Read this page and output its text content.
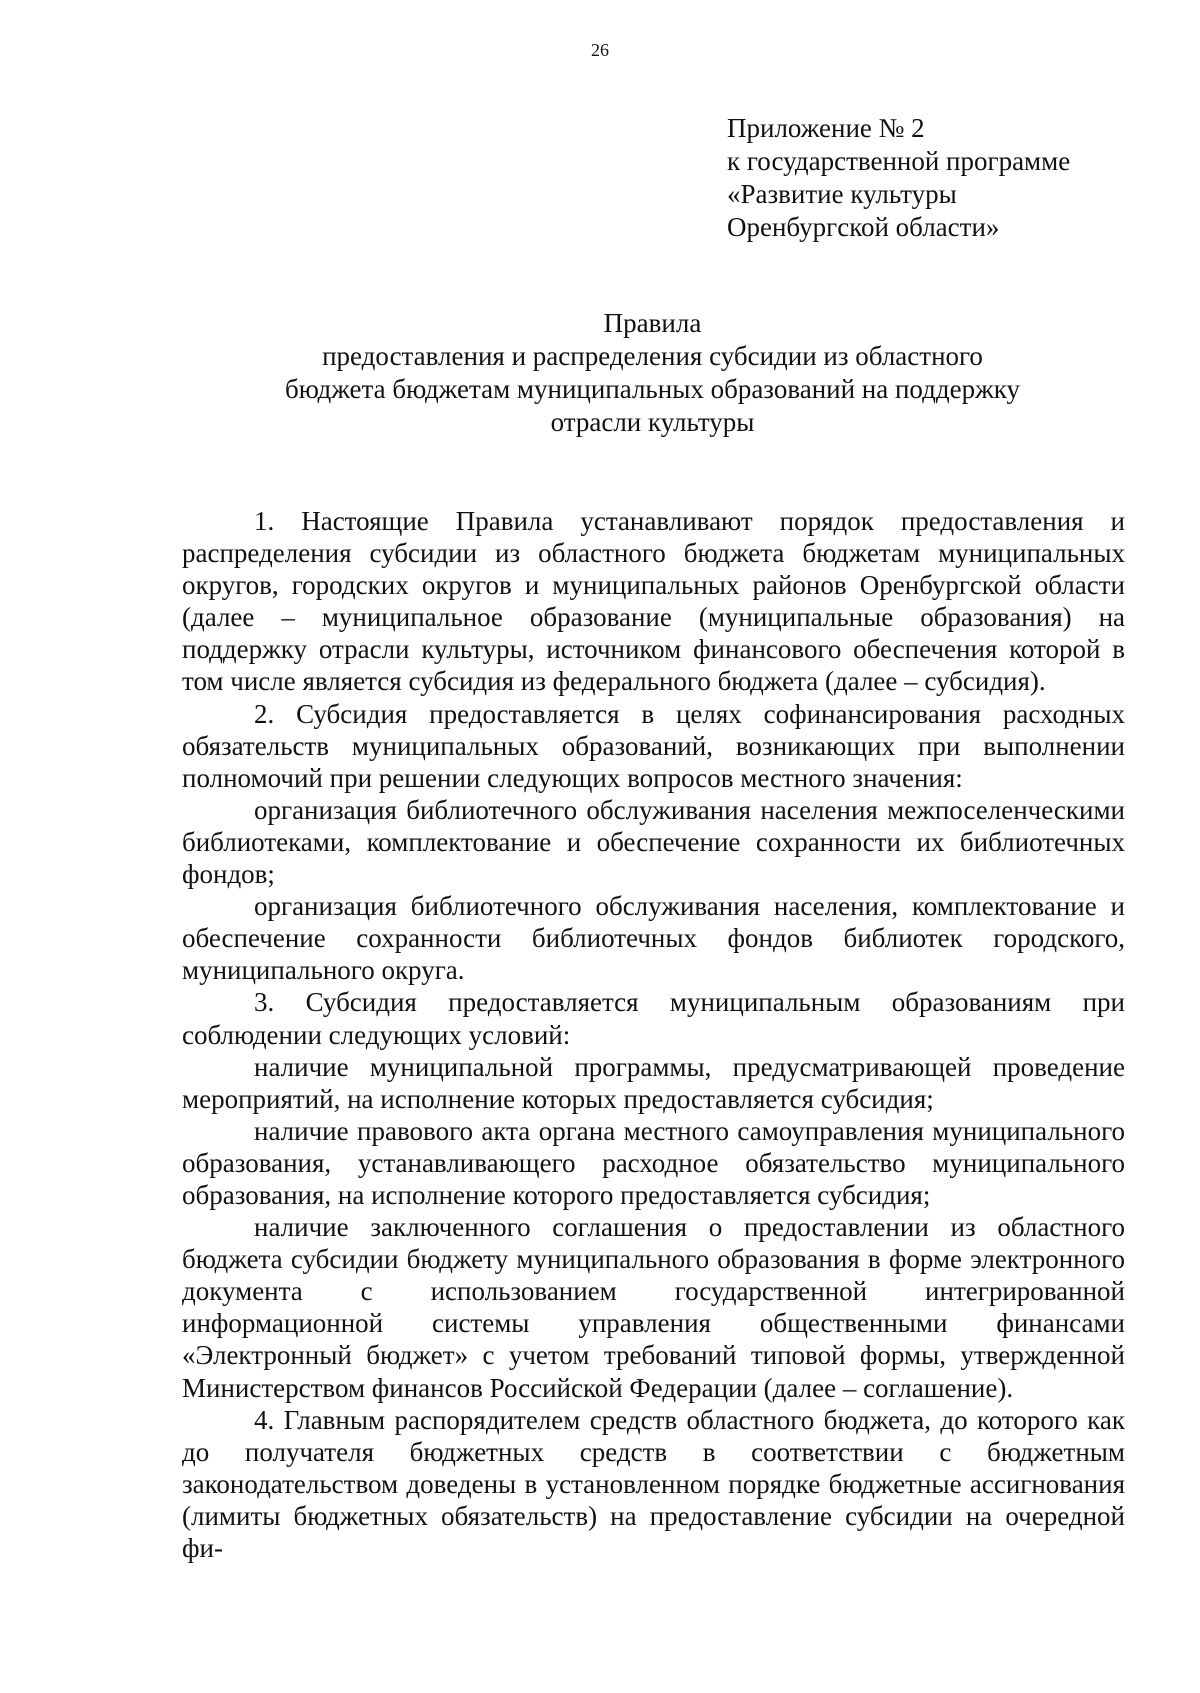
26
Приложение № 2
к государственной программе
«Развитие культуры
Оренбургской области»
Правила
предоставления и распределения субсидии из областного
бюджета бюджетам муниципальных образований на поддержку
отрасли культуры

1. Настоящие Правила устанавливают порядок предоставления и распределения субсидии из областного бюджета бюджетам муниципальных округов, городских округов и муниципальных районов Оренбургской области (далее – муниципальное образование (муниципальные образования) на поддержку отрасли культуры, источником финансового обеспечения которой в том числе является субсидия из федерального бюджета (далее – субсидия).

2. Субсидия предоставляется в целях софинансирования расходных обязательств муниципальных образований, возникающих при выполнении полномочий при решении следующих вопросов местного значения:

организация библиотечного обслуживания населения межпоселенческими библиотеками, комплектование и обеспечение сохранности их библиотечных фондов;

организация библиотечного обслуживания населения, комплектование и обеспечение сохранности библиотечных фондов библиотек городского, муниципального округа.

3. Субсидия предоставляется муниципальным образованиям при соблюдении следующих условий:

наличие муниципальной программы, предусматривающей проведение мероприятий, на исполнение которых предоставляется субсидия;

наличие правового акта органа местного самоуправления муниципального образования, устанавливающего расходное обязательство муниципального образования, на исполнение которого предоставляется субсидия;

наличие заключенного соглашения о предоставлении из областного бюджета субсидии бюджету муниципального образования в форме электронного документа с использованием государственной интегрированной информационной системы управления общественными финансами «Электронный бюджет» с учетом требований типовой формы, утвержденной Министерством финансов Российской Федерации (далее – соглашение).

4. Главным распорядителем средств областного бюджета, до которого как до получателя бюджетных средств в соответствии с бюджетным законодательством доведены в установленном порядке бюджетные ассигнования (лимиты бюджетных обязательств) на предоставление субсидии на очередной фи-
